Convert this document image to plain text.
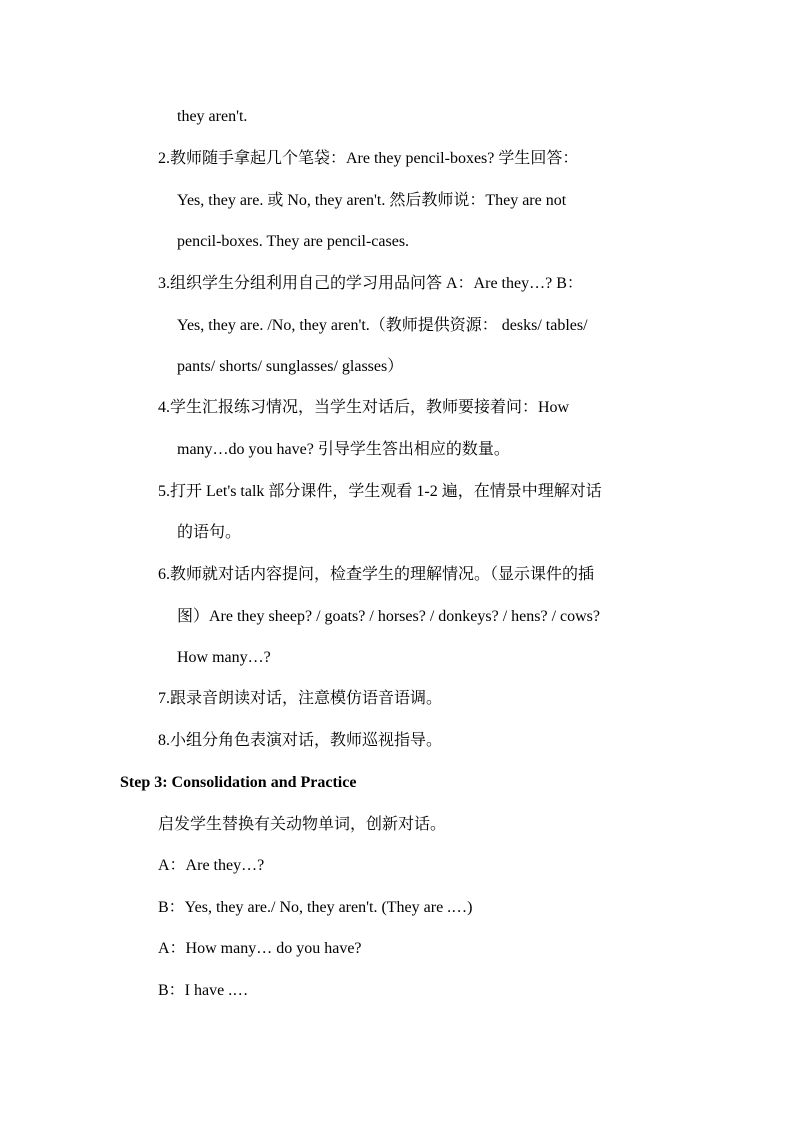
they aren't.
2.教师随手拿起几个笔袋：Are they pencil-boxes? 学生回答：
Yes, they are. 或 No, they aren't. 然后教师说：They are not
pencil-boxes. They are pencil-cases.
3.组织学生分组利用自己的学习用品问答 A：Are they…? B：
Yes, they are. /No, they aren't.（教师提供资源： desks/ tables/
pants/ shorts/ sunglasses/ glasses）
4.学生汇报练习情况，当学生对话后，教师要接着问：How
many…do you have? 引导学生答出相应的数量。
5.打开 Let's talk 部分课件，学生观看 1-2 遍，在情景中理解对话
的语句。
6.教师就对话内容提问，检查学生的理解情况。（显示课件的插
图）Are they sheep? / goats? / horses? / donkeys? / hens? / cows?
How many…?
7.跟录音朗读对话，注意模仿语音语调。
8.小组分角色表演对话，教师巡视指导。
Step 3: Consolidation and Practice
启发学生替换有关动物单词，创新对话。
A：Are they…?
B：Yes, they are./ No, they aren't. (They are .…)
A：How many… do you have?
B：I have .…
